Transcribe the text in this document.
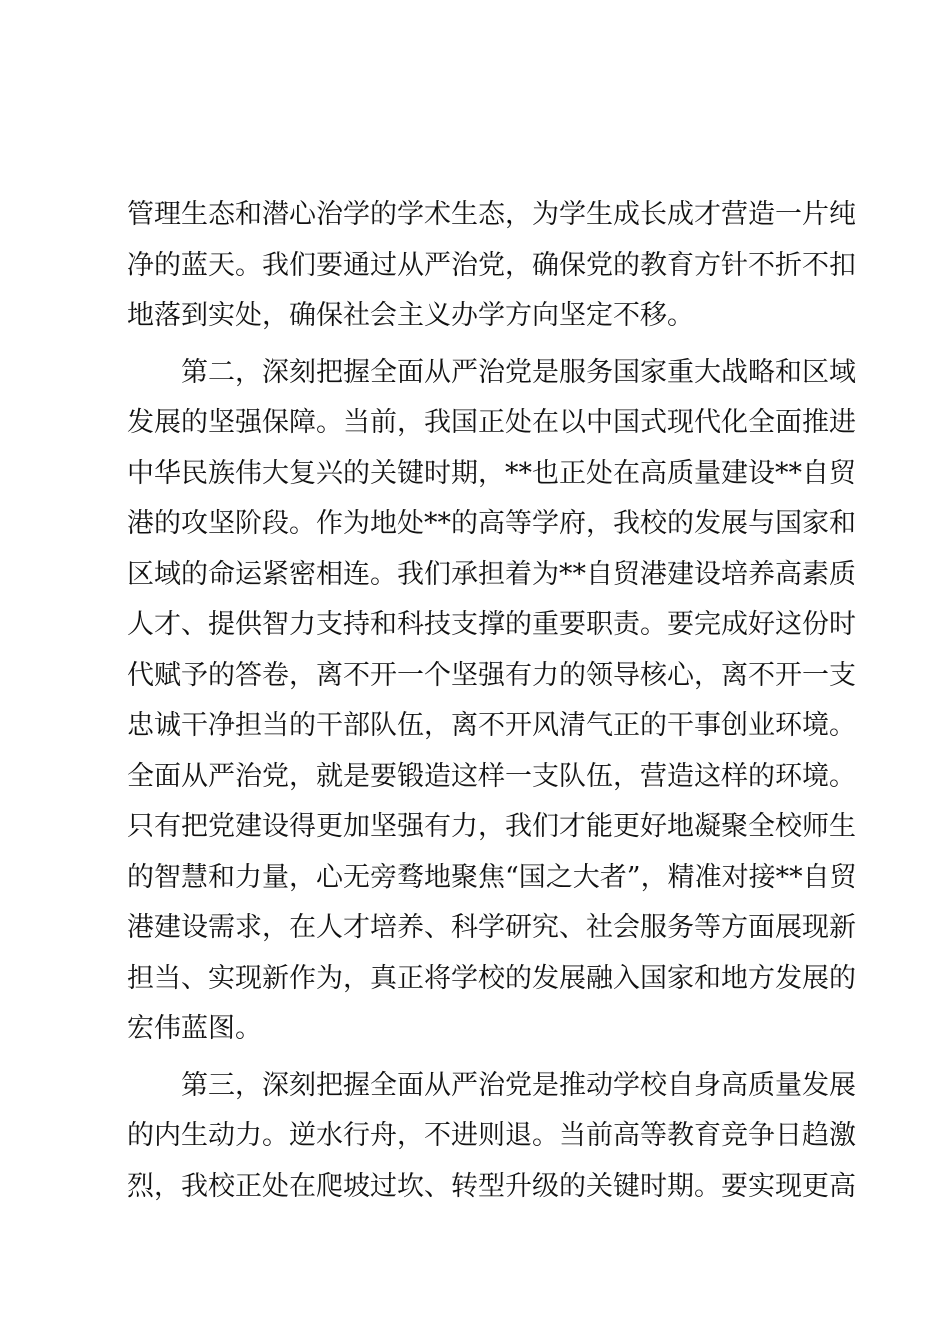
管理生态和潜心治学的学术生态，为学生成长成才营造一片纯
净的蓝天。我们要通过从严治党，确保党的教育方针不折不扣
地落到实处，确保社会主义办学方向坚定不移。
第二，深刻把握全面从严治党是服务国家重大战略和区域
发展的坚强保障。当前，我国正处在以中国式现代化全面推进
中华民族伟大复兴的关键时期，**也正处在高质量建设**自贸
港的攻坚阶段。作为地处**的高等学府，我校的发展与国家和
区域的命运紧密相连。我们承担着为**自贸港建设培养高素质
人才、提供智力支持和科技支撑的重要职责。要完成好这份时
代赋予的答卷，离不开一个坚强有力的领导核心，离不开一支
忠诚干净担当的干部队伍，离不开风清气正的干事创业环境。
全面从严治党，就是要锻造这样一支队伍，营造这样的环境。
只有把党建设得更加坚强有力，我们才能更好地凝聚全校师生
的智慧和力量，心无旁骛地聚焦“国之大者”，精准对接**自贸
港建设需求，在人才培养、科学研究、社会服务等方面展现新
担当、实现新作为，真正将学校的发展融入国家和地方发展的
宏伟蓝图。
第三，深刻把握全面从严治党是推动学校自身高质量发展
的内生动力。逆水行舟，不进则退。当前高等教育竞争日趋激
烈，我校正处在爬坡过坎、转型升级的关键时期。要实现更高
